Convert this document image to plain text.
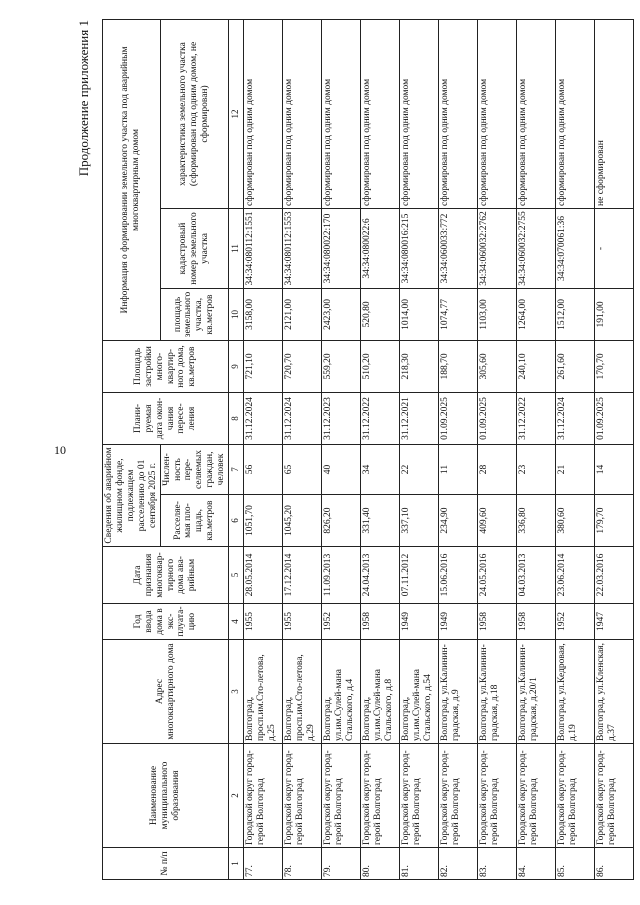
10
Продолжение приложения 1
№ п/п	Наименование муниципального образования	Адрес многоквартирного дома	Год ввода дома в экс-плуата-цию	Дата признания многоквар-тирного дома ава-рийным	Сведения об аварийном жилищном фонде, подлежащем расселению до 01 сентября 2025 г.		Плани-руемая дата окон-чания пересе-ления	Площадь застройки много-квартир-ного дома, кв.метров	Информация о формировании земельного участка под аварийным многоквартирным домом		
					Расселяе-мая пло-щадь, кв.метров	Числен-ность пере-селяемых граждан, человек			площадь земельного участка, кв.метров	кадастровый номер земельного участка	характеристика земельного участка (сформирован под одним домом, не сформирован)
1	2	3	4	5	6	7	8	9	10	11	12
77.	Городской округ город-герой Волгоград	Волгоград, просп.им.Сто-летова, д.25	1955	28.05.2014	1051,70	56	31.12.2024	721,10	3158,00	34:34:080112:1551	сформирован под одним домом
78.	Городской округ город-герой Волгоград	Волгоград, просп.им.Сто-летова, д.29	1955	17.12.2014	1045,20	65	31.12.2024	720,70	2121,00	34:34:080112:1553	сформирован под одним домом
79.	Городской округ город-герой Волгоград	Волгоград, ул.им.Сулей-мана Стальского, д.4	1952	11.09.2013	826,20	40	31.12.2023	559,20	2423,00	34:34:080022:170	сформирован под одним домом
80.	Городской округ город-герой Волгоград	Волгоград, ул.им.Сулей-мана Стальского, д.8	1958	24.04.2013	331,40	34	31.12.2022	510,20	520,80	34:34:080022:6	сформирован под одним домом
81.	Городской округ город-герой Волгоград	Волгоград, ул.им.Сулей-мана Стальского, д.54	1949	07.11.2012	337,10	22	31.12.2021	218,30	1014,00	34:34:080016:215	сформирован под одним домом
82.	Городской округ город-герой Волгоград	Волгоград, ул.Калинин-градская, д.9	1949	15.06.2016	234,90	11	01.09.2025	188,70	1074,77	34:34:060033:772	сформирован под одним домом
83.	Городской округ город-герой Волгоград	Волгоград, ул.Калинин-градская, д.18	1958	24.05.2016	409,60	28	01.09.2025	305,60	1103,00	34:34:060032:2762	сформирован под одним домом
84.	Городской округ город-герой Волгоград	Волгоград, ул.Калинин-градская, д.20/1	1958	04.03.2013	336,80	23	31.12.2022	240,10	1264,00	34:34:060032:2755	сформирован под одним домом
85.	Городской округ город-герой Волгоград	Волгоград, ул.Кедровая, д.19	1952	23.06.2014	380,60	21	31.12.2024	261,60	1512,00	34:34:070061:36	сформирован под одним домом
86.	Городской округ город-герой Волгоград	Волгоград, ул.Кленская, д.37	1947	22.03.2016	179,70	14	01.09.2025	170,70	191,00	-	не сформирован
